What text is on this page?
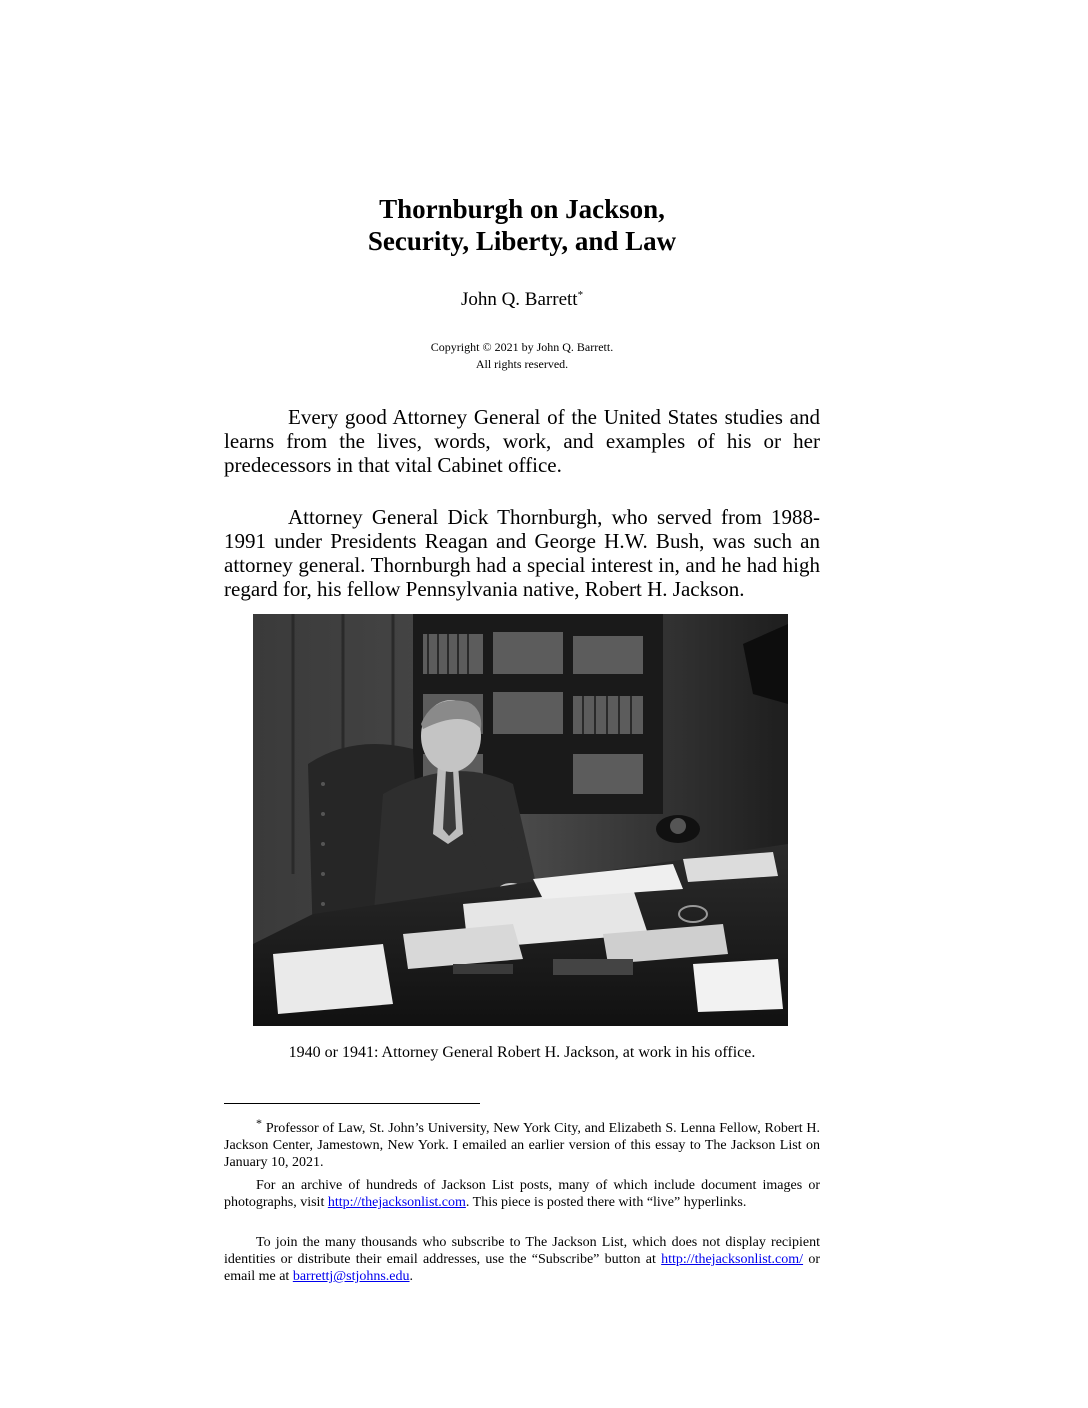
Thornburgh on Jackson,
Security, Liberty, and Law
John Q. Barrett*
Copyright © 2021 by John Q. Barrett.
All rights reserved.

Every good Attorney General of the United States studies and learns from the lives, words, work, and examples of his or her predecessors in that vital Cabinet office.

Attorney General Dick Thornburgh, who served from 1988-1991 under Presidents Reagan and George H.W. Bush, was such an attorney general. Thornburgh had a special interest in, and he had high regard for, his fellow Pennsylvania native, Robert H. Jackson.

1940 or 1941: Attorney General Robert H. Jackson, at work in his office.

* Professor of Law, St. John’s University, New York City, and Elizabeth S. Lenna Fellow, Robert H. Jackson Center, Jamestown, New York. I emailed an earlier version of this essay to The Jackson List on January 10, 2021.

For an archive of hundreds of Jackson List posts, many of which include document images or photographs, visit http://thejacksonlist.com. This piece is posted there with “live” hyperlinks.

To join the many thousands who subscribe to The Jackson List, which does not display recipient identities or distribute their email addresses, use the “Subscribe” button at http://thejacksonlist.com/ or email me at barrettj@stjohns.edu.
